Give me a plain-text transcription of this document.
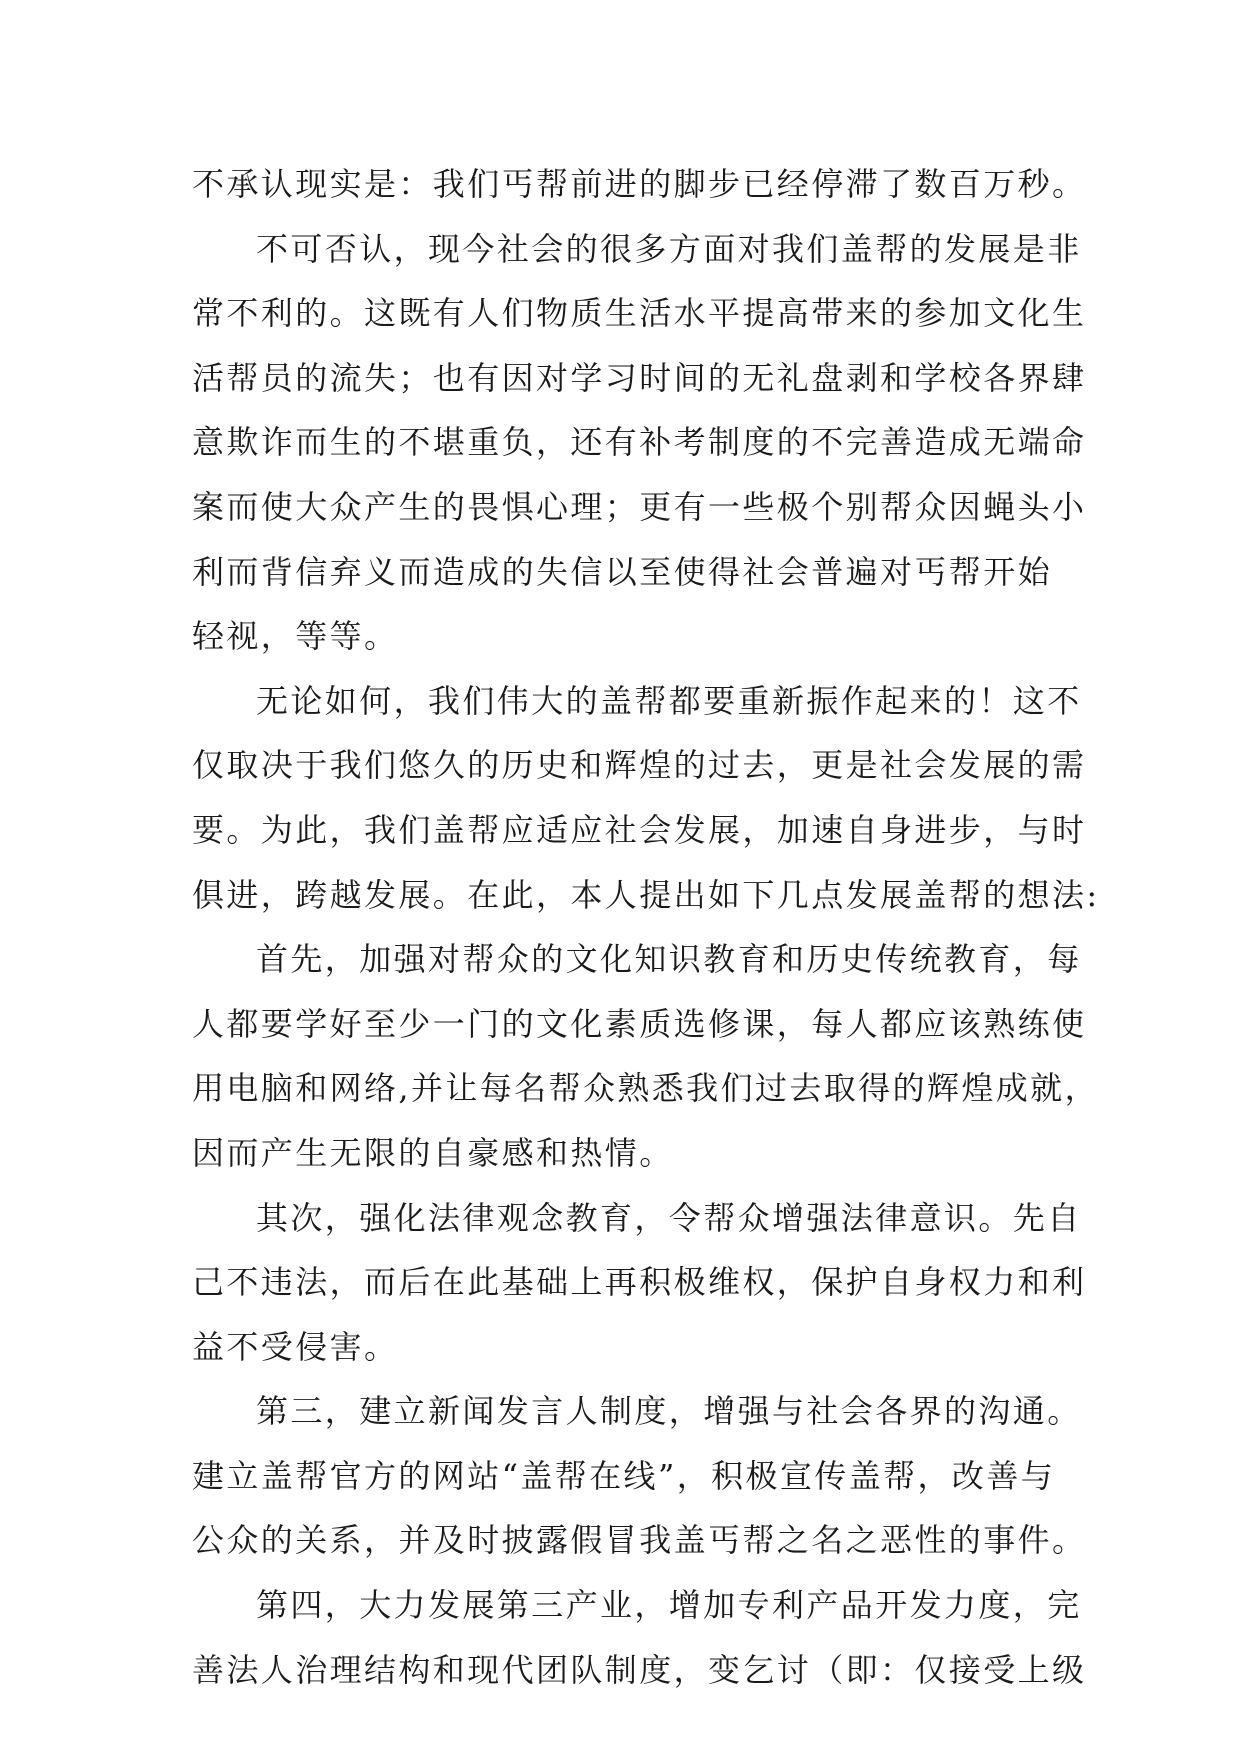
不承认现实是：我们丐帮前进的脚步已经停滞了数百万秒。
不可否认，现今社会的很多方面对我们盖帮的发展是非
常不利的。这既有人们物质生活水平提高带来的参加文化生
活帮员的流失；也有因对学习时间的无礼盘剥和学校各界肆
意欺诈而生的不堪重负，还有补考制度的不完善造成无端命
案而使大众产生的畏惧心理；更有一些极个别帮众因蝇头小
利而背信弃义而造成的失信以至使得社会普遍对丐帮开始
轻视，等等。
无论如何，我们伟大的盖帮都要重新振作起来的！这不
仅取决于我们悠久的历史和辉煌的过去，更是社会发展的需
要。为此，我们盖帮应适应社会发展，加速自身进步，与时
俱进，跨越发展。在此，本人提出如下几点发展盖帮的想法:
首先，加强对帮众的文化知识教育和历史传统教育，每
人都要学好至少一门的文化素质选修课，每人都应该熟练使
用电脑和网络,并让每名帮众熟悉我们过去取得的辉煌成就，
因而产生无限的自豪感和热情。
其次，强化法律观念教育，令帮众增强法律意识。先自
己不违法，而后在此基础上再积极维权，保护自身权力和利
益不受侵害。
第三，建立新闻发言人制度，增强与社会各界的沟通。
建立盖帮官方的网站“盖帮在线”，积极宣传盖帮，改善与
公众的关系，并及时披露假冒我盖丐帮之名之恶性的事件。
第四，大力发展第三产业，增加专利产品开发力度，完
善法人治理结构和现代团队制度，变乞讨（即：仅接受上级
